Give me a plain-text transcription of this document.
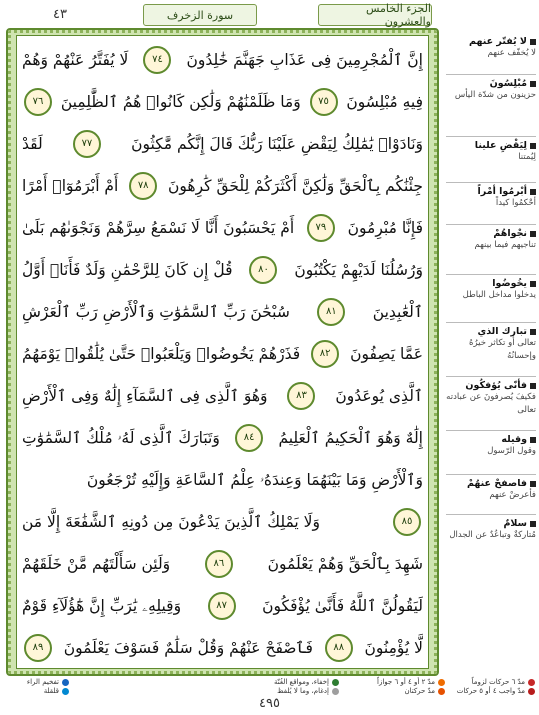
الجزء الخامس والعشرون
سورة الزخرف
٤٣
إِنَّ ٱلْمُجْرِمِينَ فِى عَذَابِ جَهَنَّمَ خَٰلِدُونَ
٧٤
لَا يُفَتَّرُ عَنْهُمْ وَهُمْ
فِيهِ مُبْلِسُونَ
٧٥
وَمَا ظَلَمْنَٰهُمْ وَلَٰكِن كَانُوا۟ هُمُ ٱلظَّٰلِمِينَ
٧٦
وَنَادَوْا۟ يَٰمَٰلِكُ لِيَقْضِ عَلَيْنَا رَبُّكَ قَالَ إِنَّكُم مَّٰكِثُونَ
٧٧
لَقَدْ
جِئْنَٰكُم بِٱلْحَقِّ وَلَٰكِنَّ أَكْثَرَكُمْ لِلْحَقِّ كَٰرِهُونَ
٧٨
أَمْ أَبْرَمُوٓا۟ أَمْرًا
فَإِنَّا مُبْرِمُونَ
٧٩
أَمْ يَحْسَبُونَ أَنَّا لَا نَسْمَعُ سِرَّهُمْ وَنَجْوَىٰهُم بَلَىٰ
وَرُسُلُنَا لَدَيْهِمْ يَكْتُبُونَ
٨٠
قُلْ إِن كَانَ لِلرَّحْمَٰنِ وَلَدٌ فَأَنَا۠ أَوَّلُ
ٱلْعَٰبِدِينَ
٨١
سُبْحَٰنَ رَبِّ ٱلسَّمَٰوَٰتِ وَٱلْأَرْضِ رَبِّ ٱلْعَرْشِ
عَمَّا يَصِفُونَ
٨٢
فَذَرْهُمْ يَخُوضُوا۟ وَيَلْعَبُوا۟ حَتَّىٰ يُلَٰقُوا۟ يَوْمَهُمُ
ٱلَّذِى يُوعَدُونَ
٨٣
وَهُوَ ٱلَّذِى فِى ٱلسَّمَآءِ إِلَٰهٌ وَفِى ٱلْأَرْضِ
إِلَٰهٌ وَهُوَ ٱلْحَكِيمُ ٱلْعَلِيمُ
٨٤
وَتَبَارَكَ ٱلَّذِى لَهُۥ مُلْكُ ٱلسَّمَٰوَٰتِ
وَٱلْأَرْضِ وَمَا بَيْنَهُمَا وَعِندَهُۥ عِلْمُ ٱلسَّاعَةِ وَإِلَيْهِ تُرْجَعُونَ
٨٥
وَلَا يَمْلِكُ ٱلَّذِينَ يَدْعُونَ مِن دُونِهِ ٱلشَّفَٰعَةَ إِلَّا مَن
شَهِدَ بِٱلْحَقِّ وَهُمْ يَعْلَمُونَ
٨٦
وَلَئِن سَأَلْتَهُم مَّنْ خَلَقَهُمْ
لَيَقُولُنَّ ٱللَّهُ فَأَنَّىٰ يُؤْفَكُونَ
٨٧
وَقِيلِهِۦ يَٰرَبِّ إِنَّ هَٰٓؤُلَآءِ قَوْمٌ
لَّا يُؤْمِنُونَ
٨٨
فَٱصْفَحْ عَنْهُمْ وَقُلْ سَلَٰمٌ فَسَوْفَ يَعْلَمُونَ
٨٩
لا يُفتّر عنهم
لا يُخفّف عنهم
مُبْلِسُونَ
حزينون من شدّة اليأس
لِيَقْضِ علينا
لِيُمتنا
أبْرمُوا أمْراً
أحْكمُوا كيداً
نجْواهُمْ
تناجيهم فيما بينهم
يخُوضُوا
يدخلوا مداخل الباطل
تبارك الذي
تعالى أو تكاثر خيرُهُ وإحسانُهُ
فأنّى يُؤفكُون
فكيفَ يُصرفونَ عن عبادته تعالى
وقيله
وقول الرّسول
فاصفحْ عنهُمْ
فأعرضْ عنهم
سلامٌ
مُتاركةٌ وتباعُدٌ عن الجدال
مدّ ٦ حركات لزوماً
مدّ ٢ أو ٤ أو ٦ جوازاً
مدّ واجب ٤ أو ٥ حركات
مدّ حركتان
إخفاء، ومواقع الغُنّة
إدغام، وما لا يُلفظ
تفخيم الراء
قلقلة
٤٩٥
